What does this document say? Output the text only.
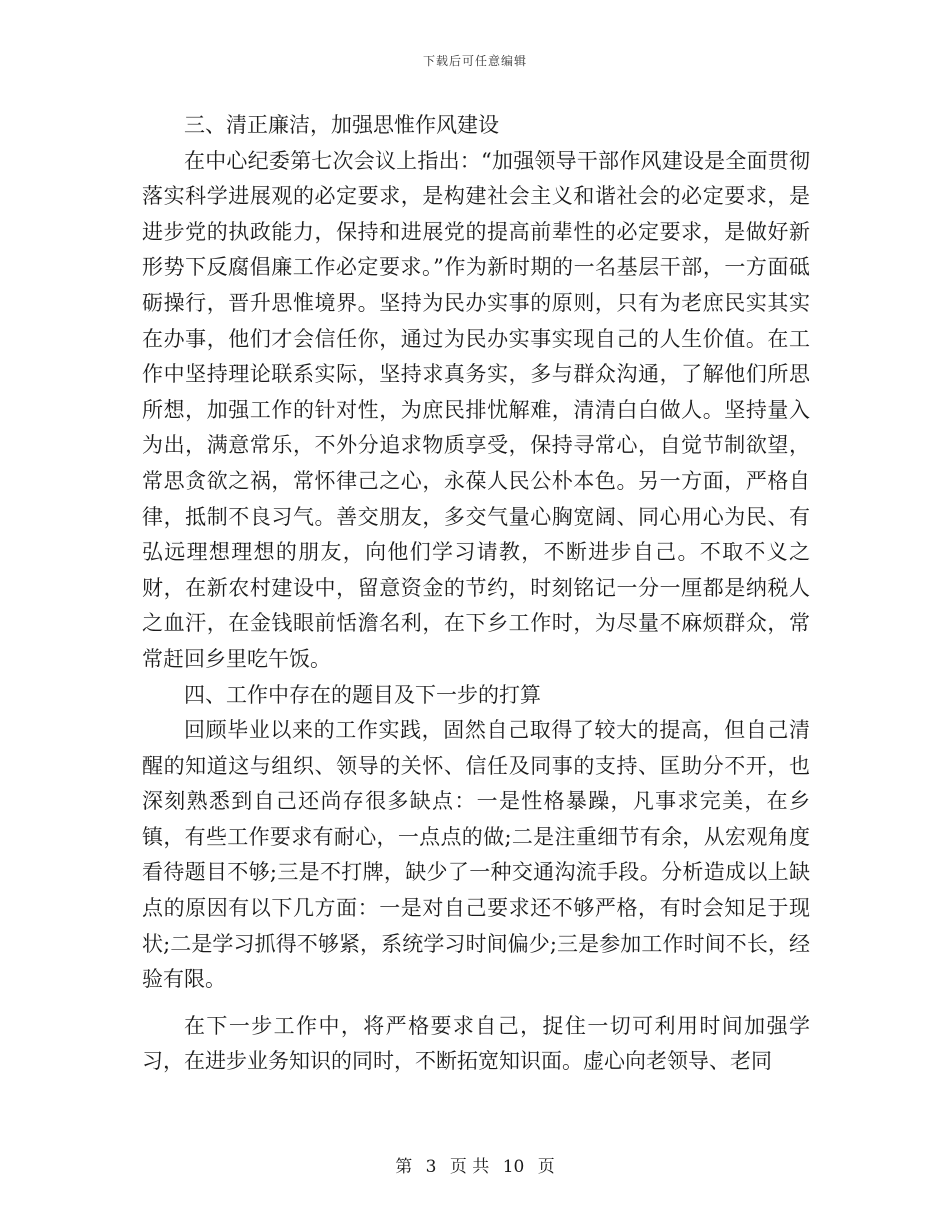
下载后可任意编辑

三、清正廉洁，加强思惟作风建设

在中心纪委第七次会议上指出：“加强领导干部作风建设是全面贯彻落实科学进展观的必定要求，是构建社会主义和谐社会的必定要求，是进步党的执政能力，保持和进展党的提高前辈性的必定要求，是做好新形势下反腐倡廉工作必定要求。”作为新时期的一名基层干部，一方面砥砺操行，晋升思惟境界。坚持为民办实事的原则，只有为老庶民实其实在办事，他们才会信任你，通过为民办实事实现自己的人生价值。在工作中坚持理论联系实际，坚持求真务实，多与群众沟通，了解他们所思所想，加强工作的针对性，为庶民排忧解难，清清白白做人。坚持量入为出，满意常乐，不外分追求物质享受，保持寻常心，自觉节制欲望，常思贪欲之祸，常怀律己之心，永葆人民公朴本色。另一方面，严格自律，抵制不良习气。善交朋友，多交气量心胸宽阔、同心用心为民、有弘远理想理想的朋友，向他们学习请教，不断进步自己。不取不义之财，在新农村建设中，留意资金的节约，时刻铭记一分一厘都是纳税人之血汗，在金钱眼前恬澹名利，在下乡工作时，为尽量不麻烦群众，常常赶回乡里吃午饭。

四、工作中存在的题目及下一步的打算

回顾毕业以来的工作实践，固然自己取得了较大的提高，但自己清醒的知道这与组织、领导的关怀、信任及同事的支持、匡助分不开，也深刻熟悉到自己还尚存很多缺点：一是性格暴躁，凡事求完美，在乡镇，有些工作要求有耐心，一点点的做;二是注重细节有余，从宏观角度看待题目不够;三是不打牌，缺少了一种交通沟流手段。分析造成以上缺点的原因有以下几方面：一是对自己要求还不够严格，有时会知足于现状;二是学习抓得不够紧，系统学习时间偏少;三是参加工作时间不长，经验有限。

在下一步工作中，将严格要求自己，捉住一切可利用时间加强学习，在进步业务知识的同时，不断拓宽知识面。虚心向老领导、老同

第 3 页 共 10 页
